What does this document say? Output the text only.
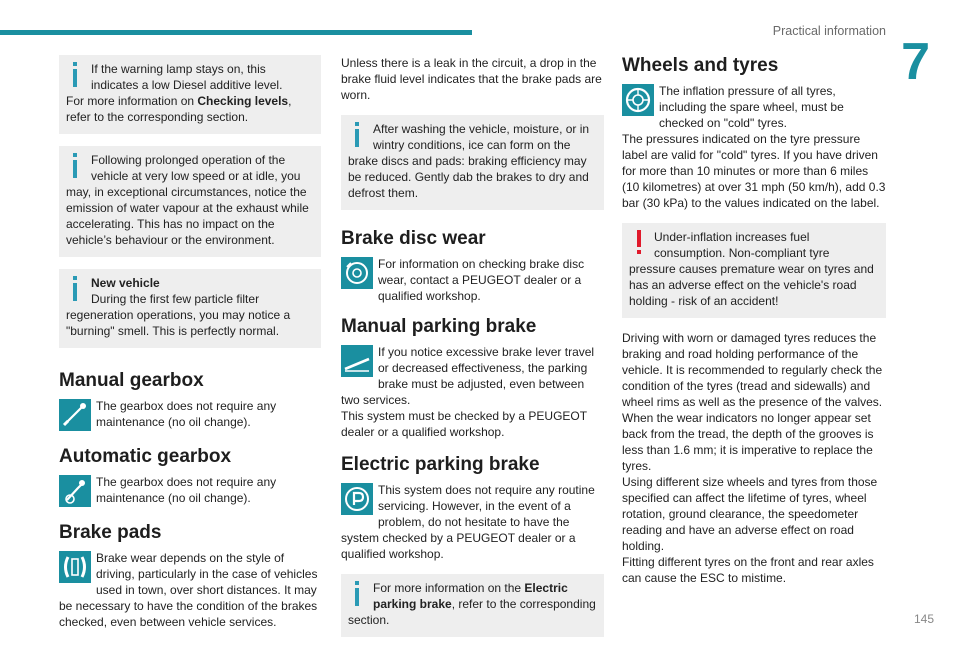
Practical information
7
145

If the warning lamp stays on, this indicates a low Diesel additive level.

For more information on Checking levels, refer to the corresponding section.

Following prolonged operation of the vehicle at very low speed or at idle, you may, in exceptional circumstances, notice the emission of water vapour at the exhaust while accelerating. This has no impact on the vehicle’s behaviour or the environment.

New vehicle

During the first few particle filter regeneration operations, you may notice a "burning" smell. This is perfectly normal.

Manual gearbox

The gearbox does not require any maintenance (no oil change).

Automatic gearbox

The gearbox does not require any maintenance (no oil change).

Brake pads

Brake wear depends on the style of driving, particularly in the case of vehicles used in town, over short distances. It may be necessary to have the condition of the brakes checked, even between vehicle services.

Unless there is a leak in the circuit, a drop in the brake fluid level indicates that the brake pads are worn.

After washing the vehicle, moisture, or in wintry conditions, ice can form on the brake discs and pads: braking efficiency may be reduced. Gently dab the brakes to dry and defrost them.

Brake disc wear

For information on checking brake disc wear, contact a PEUGEOT dealer or a qualified workshop.

Manual parking brake

If you notice excessive brake lever travel or decreased effectiveness, the parking brake must be adjusted, even between two services.

This system must be checked by a PEUGEOT dealer or a qualified workshop.

Electric parking brake

This system does not require any routine servicing. However, in the event of a problem, do not hesitate to have the system checked by a PEUGEOT dealer or a qualified workshop.

For more information on the Electric parking brake, refer to the corresponding section.

Wheels and tyres

The inflation pressure of all tyres, including the spare wheel, must be checked on "cold" tyres.

The pressures indicated on the tyre pressure label are valid for "cold" tyres. If you have driven for more than 10 minutes or more than 6 miles (10 kilometres) at over 31 mph (50 km/h), add 0.3 bar (30 kPa) to the values indicated on the label.

Under-inflation increases fuel consumption. Non-compliant tyre pressure causes premature wear on tyres and has an adverse effect on the vehicle's road holding - risk of an accident!

Driving with worn or damaged tyres reduces the braking and road holding performance of the vehicle. It is recommended to regularly check the condition of the tyres (tread and sidewalls) and wheel rims as well as the presence of the valves.

When the wear indicators no longer appear set back from the tread, the depth of the grooves is less than 1.6 mm; it is imperative to replace the tyres.

Using different size wheels and tyres from those specified can affect the lifetime of tyres, wheel rotation, ground clearance, the speedometer reading and have an adverse effect on road holding.

Fitting different tyres on the front and rear axles can cause the ESC to mistime.
